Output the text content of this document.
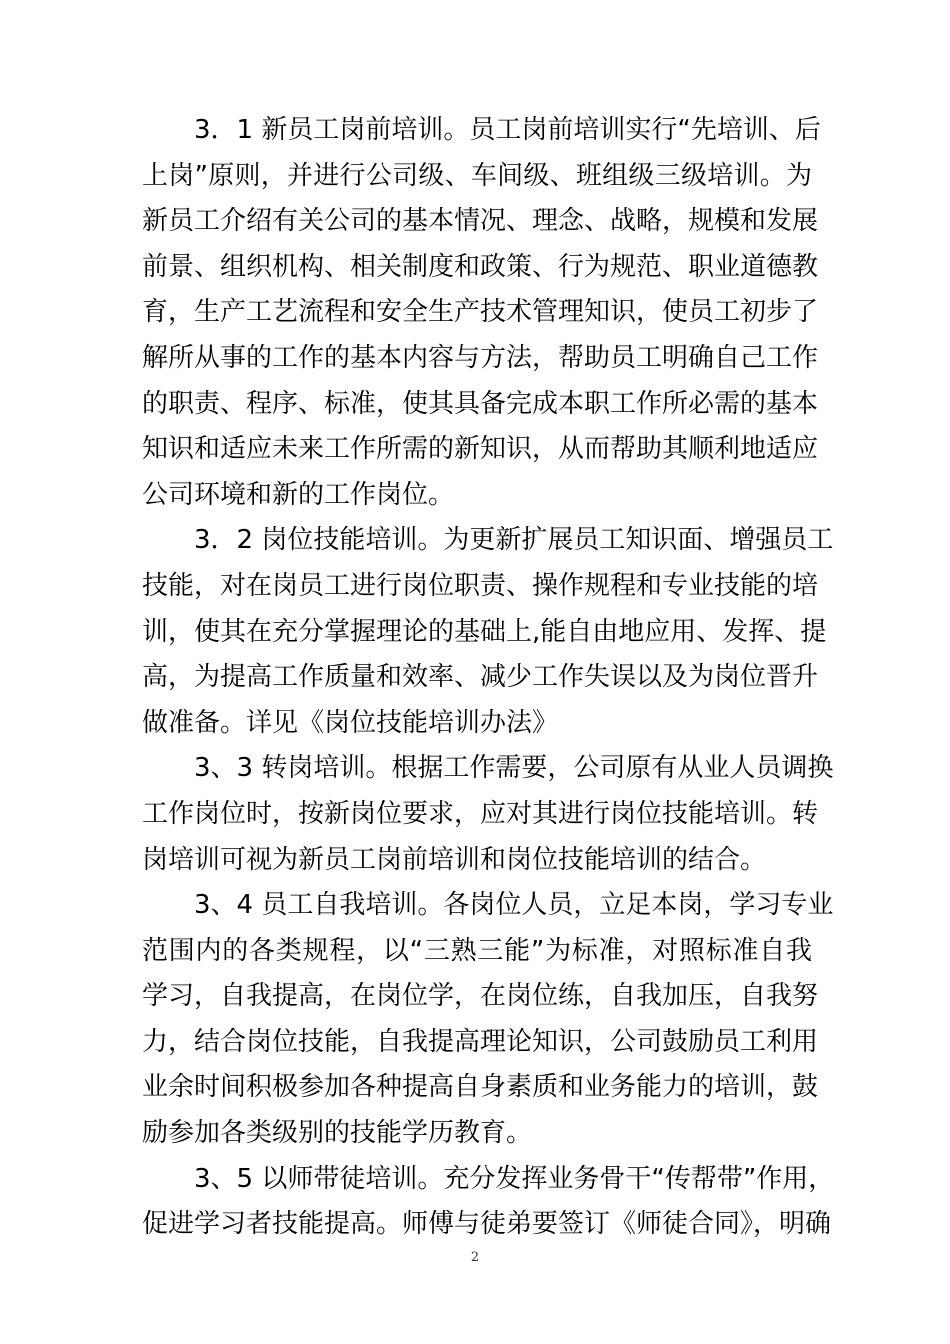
3．1 新员工岗前培训。员工岗前培训实行“先培训、后
上岗”原则，并进行公司级、车间级、班组级三级培训。为
新员工介绍有关公司的基本情况、理念、战略，规模和发展
前景、组织机构、相关制度和政策、行为规范、职业道德教
育，生产工艺流程和安全生产技术管理知识，使员工初步了
解所从事的工作的基本内容与方法，帮助员工明确自己工作
的职责、程序、标准，使其具备完成本职工作所必需的基本
知识和适应未来工作所需的新知识，从而帮助其顺利地适应
公司环境和新的工作岗位。
3．2 岗位技能培训。为更新扩展员工知识面、增强员工
技能，对在岗员工进行岗位职责、操作规程和专业技能的培
训，使其在充分掌握理论的基础上,能自由地应用、发挥、提
高，为提高工作质量和效率、减少工作失误以及为岗位晋升
做准备。详见《岗位技能培训办法》
3、3 转岗培训。根据工作需要，公司原有从业人员调换
工作岗位时，按新岗位要求，应对其进行岗位技能培训。转
岗培训可视为新员工岗前培训和岗位技能培训的结合。
3、4 员工自我培训。各岗位人员，立足本岗，学习专业
范围内的各类规程，以“三熟三能”为标准，对照标准自我
学习，自我提高，在岗位学，在岗位练，自我加压，自我努
力，结合岗位技能，自我提高理论知识，公司鼓励员工利用
业余时间积极参加各种提高自身素质和业务能力的培训，鼓
励参加各类级别的技能学历教育。
3、5 以师带徒培训。充分发挥业务骨干“传帮带”作用，
促进学习者技能提高。师傅与徒弟要签订《师徒合同》，明确
2
